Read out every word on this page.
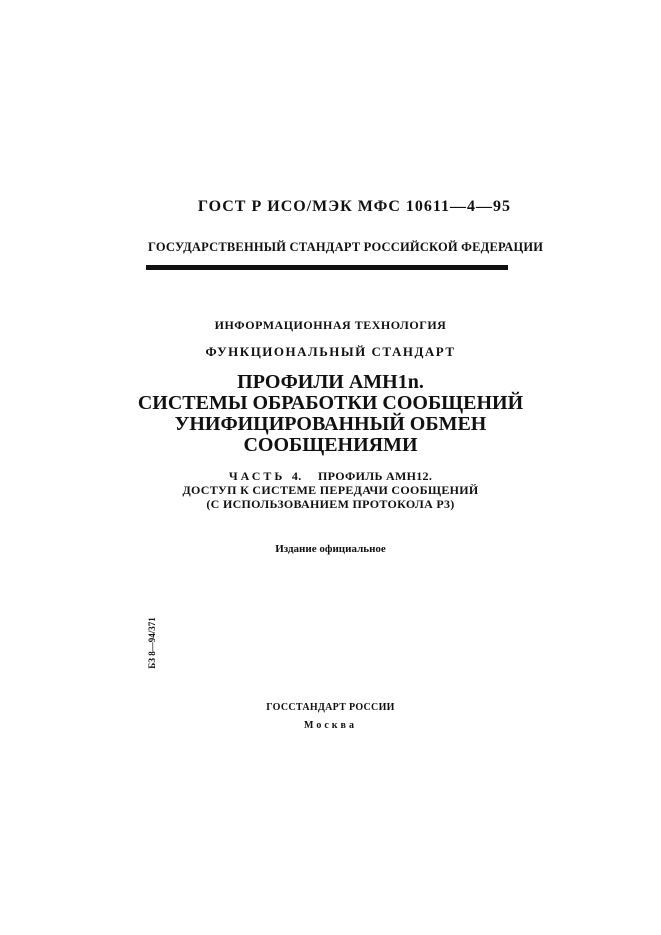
ГОСТ Р ИСО/МЭК МФС 10611—4—95
ГОСУДАРСТВЕННЫЙ СТАНДАРТ РОССИЙСКОЙ ФЕДЕРАЦИИ
ИНФОРМАЦИОННАЯ ТЕХНОЛОГИЯ
ФУНКЦИОНАЛЬНЫЙ СТАНДАРТ
ПРОФИЛИ АМН1n.
СИСТЕМЫ ОБРАБОТКИ СООБЩЕНИЙ
УНИФИЦИРОВАННЫЙ ОБМЕН
СООБЩЕНИЯМИ
ЧАСТЬ 4. ПРОФИЛЬ АМН12.
ДОСТУП К СИСТЕМЕ ПЕРЕДАЧИ СООБЩЕНИЙ
(С ИСПОЛЬЗОВАНИЕМ ПРОТОКОЛА Р3)
Издание официальное
БЗ 8—94/371
ГОССТАНДАРТ РОССИИ
Москва
